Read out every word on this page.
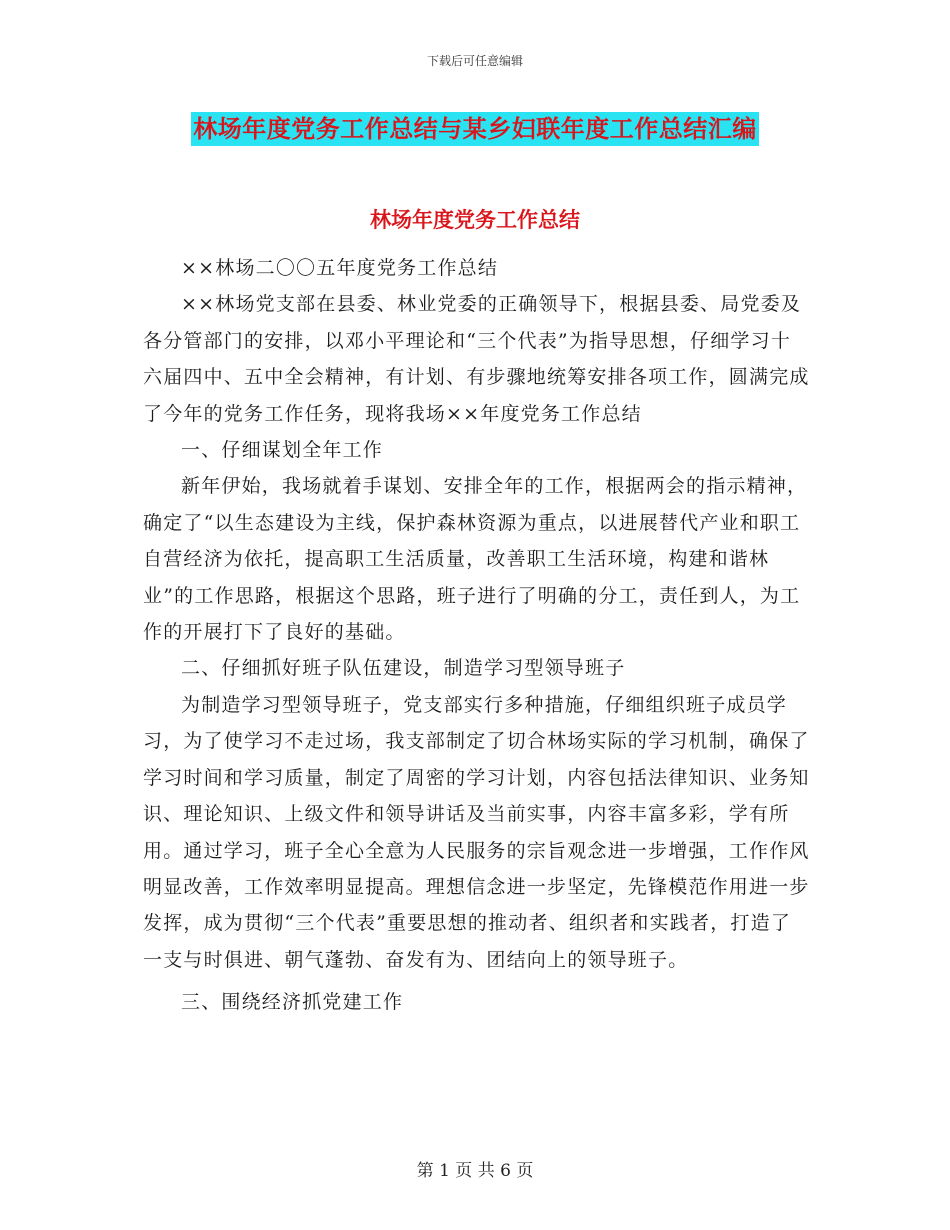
下载后可任意编辑
林场年度党务工作总结与某乡妇联年度工作总结汇编
林场年度党务工作总结

××林场二〇〇五年度党务工作总结

××林场党支部在县委、林业党委的正确领导下，根据县委、局党委及各分管部门的安排，以邓小平理论和“三个代表”为指导思想，仔细学习十六届四中、五中全会精神，有计划、有步骤地统筹安排各项工作，圆满完成了今年的党务工作任务，现将我场××年度党务工作总结

一、仔细谋划全年工作

新年伊始，我场就着手谋划、安排全年的工作，根据两会的指示精神，确定了“以生态建设为主线，保护森林资源为重点，以进展替代产业和职工自营经济为依托，提高职工生活质量，改善职工生活环境，构建和谐林业”的工作思路，根据这个思路，班子进行了明确的分工，责任到人，为工作的开展打下了良好的基础。

二、仔细抓好班子队伍建设，制造学习型领导班子

为制造学习型领导班子，党支部实行多种措施，仔细组织班子成员学习，为了使学习不走过场，我支部制定了切合林场实际的学习机制，确保了学习时间和学习质量，制定了周密的学习计划，内容包括法律知识、业务知识、理论知识、上级文件和领导讲话及当前实事，内容丰富多彩，学有所用。通过学习，班子全心全意为人民服务的宗旨观念进一步增强，工作作风明显改善，工作效率明显提高。理想信念进一步坚定，先锋模范作用进一步发挥，成为贯彻“三个代表”重要思想的推动者、组织者和实践者，打造了一支与时俱进、朝气蓬勃、奋发有为、团结向上的领导班子。

三、围绕经济抓党建工作

第 1 页 共 6 页
